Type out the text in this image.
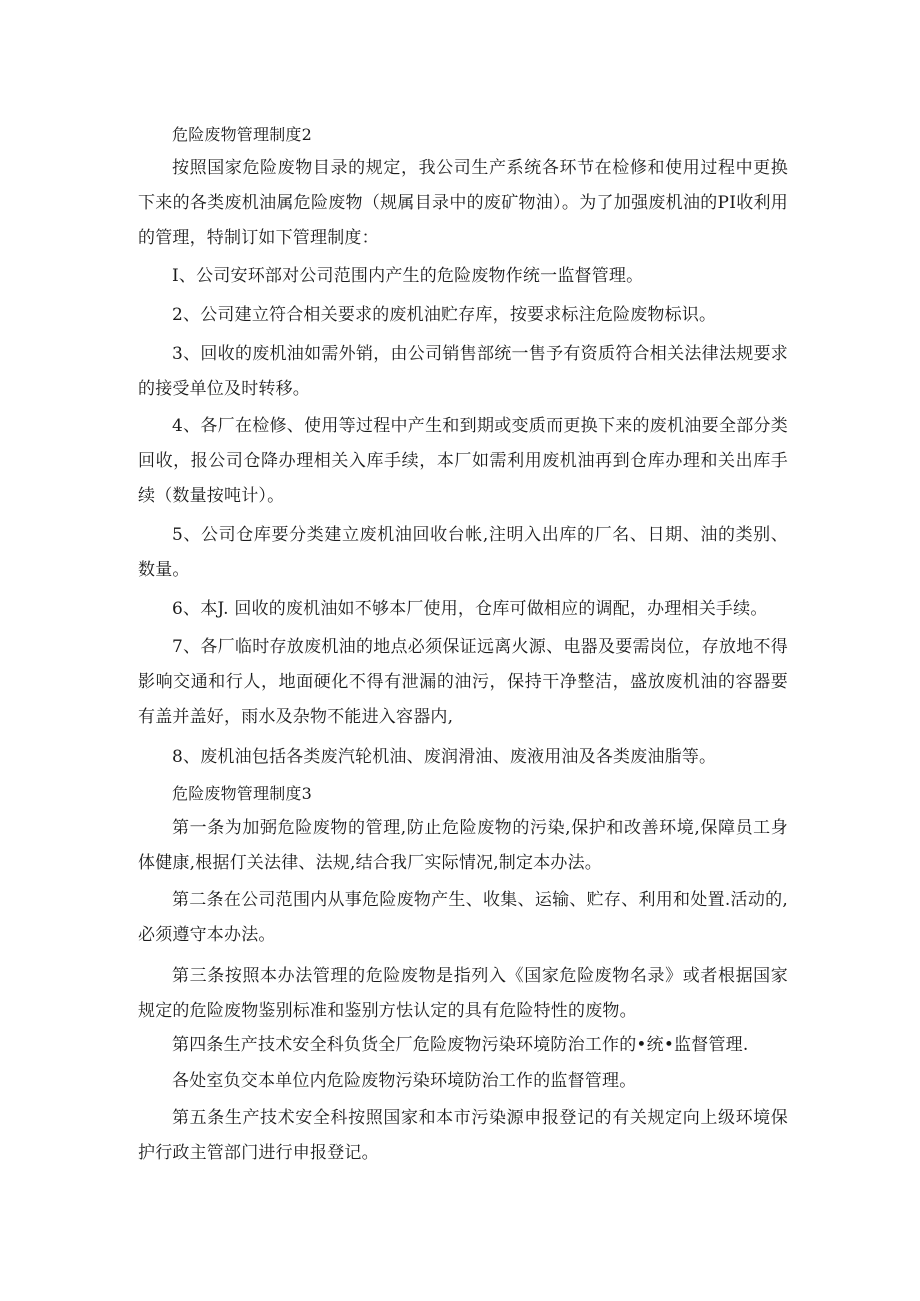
危险废物管理制度2

按照国家危险废物目录的规定，我公司生产系统各环节在检修和使用过程中更换下来的各类废机油属危险废物（规属目录中的废矿物油）。为了加强废机油的PI收利用的管理，特制订如下管理制度：

I、公司安环部对公司范围内产生的危险废物作统一监督管理。

2、公司建立符合相关要求的废机油贮存库，按要求标注危险废物标识。

3、回收的废机油如需外销，由公司销售部统一售予有资质符合相关法律法规要求的接受单位及时转移。

4、各厂在检修、使用等过程中产生和到期或变质而更换下来的废机油要全部分类回收，报公司仓降办理相关入库手续，本厂如需利用废机油再到仓库办理和关出库手续（数量按吨计）。

5、公司仓库要分类建立废机油回收台帐,注明入出库的厂名、日期、油的类别、数量。

6、本J. 回收的废机油如不够本厂使用，仓库可做相应的调配，办理相关手续。

7、各厂临时存放废机油的地点必须保证远离火源、电器及要需岗位，存放地不得影响交通和行人，地面硬化不得有泄漏的油污，保持干净整洁，盛放废机油的容器要有盖并盖好，雨水及杂物不能进入容器内,

8、废机油包括各类废汽轮机油、废润滑油、废液用油及各类废油脂等。

危险废物管理制度3

第一条为加弼危险废物的管理,防止危险废物的污染,保护和改善环境,保障员工身体健康,根据仃关法律、法规,结合我厂实际情况,制定本办法。

第二条在公司范围内从事危险废物产生、收集、运输、贮存、利用和处置.活动的,必须遵守本办法。

第三条按照本办法管理的危险废物是指列入《国家危险废物名录》或者根据国家规定的危险废物鉴别标准和鉴别方怯认定的具有危险特性的废物。

第四条生产技术安全科负货全厂危险废物污染环境防治工作的•统•监督管理.

各处室负交本单位内危险废物污染环境防治工作的监督管理。

第五条生产技术安全科按照国家和本市污染源申报登记的有关规定向上级环境保护行政主管部门进行申报登记。
